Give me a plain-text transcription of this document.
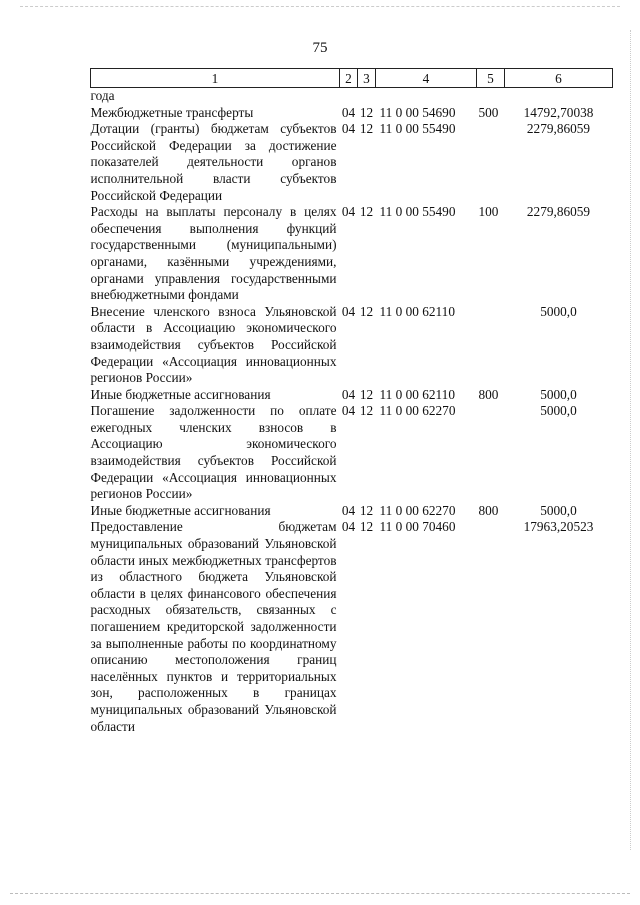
75
1	2	3	4	5	6
года					
Межбюджетные трансферты	04	12	11 0 00 54690	500	14792,70038
Дотации (гранты) бюджетам субъектов Российской Федерации за достижение показателей деятельности органов исполнительной власти субъектов Российской Федерации	04	12	11 0 00 55490		2279,86059
Расходы на выплаты персоналу в целях обеспечения выполнения функций государственными (муниципальными) органами, казёнными учреждениями, органами управления государственными внебюджетными фондами	04	12	11 0 00 55490	100	2279,86059
Внесение членского взноса Ульяновской области в Ассоциацию экономического взаимодействия субъектов Российской Федерации «Ассоциация инновационных регионов России»	04	12	11 0 00 62110		5000,0
Иные бюджетные ассигнования	04	12	11 0 00 62110	800	5000,0
Погашение задолженности по оплате ежегодных членских взносов в Ассоциацию экономического взаимодействия субъектов Российской Федерации «Ассоциация инновационных регионов России»	04	12	11 0 00 62270		5000,0
Иные бюджетные ассигнования	04	12	11 0 00 62270	800	5000,0
Предоставление бюджетам муниципальных образований Ульяновской области иных межбюджетных трансфертов из областного бюджета Ульяновской области в целях финансового обеспечения расходных обязательств, связанных с погашением кредиторской задолженности за выполненные работы по координатному описанию местоположения границ населённых пунктов и территориальных зон, расположенных в границах муниципальных образований Ульяновской области	04	12	11 0 00 70460		17963,20523
